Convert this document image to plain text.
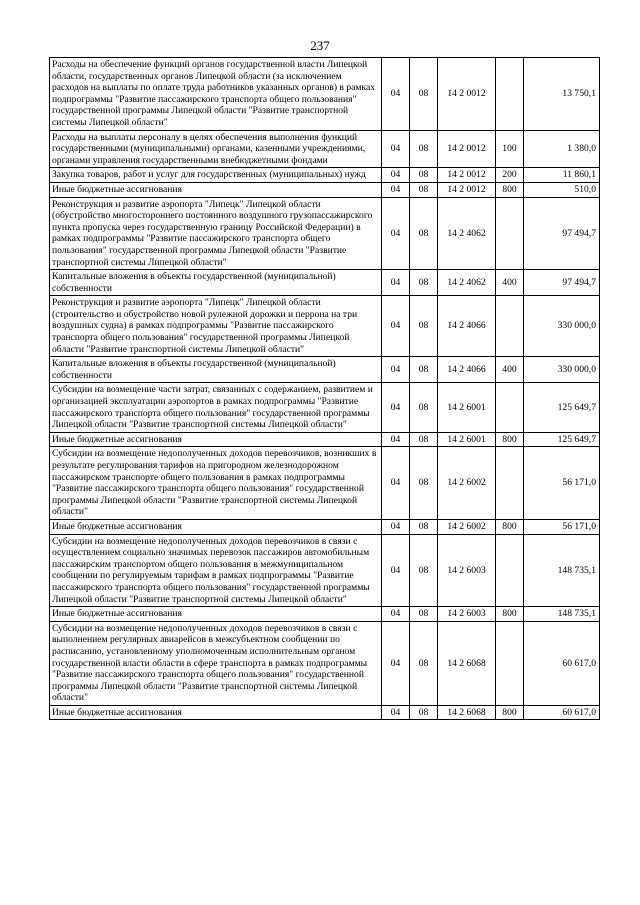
237
Расходы на обеспечение функций органов государственной власти Липецкой области, государственных органов Липецкой области (за исключением расходов на выплаты по оплате труда работников указанных органов) в рамках подпрограммы "Развитие пассажирского транспорта общего пользования" государственной программы Липецкой области "Развитие транспортной системы Липецкой области"	04	08	14 2 0012		13 750,1
Расходы на выплаты персоналу в целях обеспечения выполнения функций государственными (муниципальными) органами, казенными учреждениями, органами управления государственными внебюджетными фондами	04	08	14 2 0012	100	1 380,0
Закупка товаров, работ и услуг для государственных (муниципальных) нужд	04	08	14 2 0012	200	11 860,1
Иные бюджетные ассигнования	04	08	14 2 0012	800	510,0
Реконструкция и развитие аэропорта "Липецк" Липецкой области (обустройство многостороннего постоянного воздушного грузопассажирского пункта пропуска через государственную границу Российской Федерации) в рамках подпрограммы "Развитие пассажирского транспорта общего пользования" государственной программы Липецкой области "Развитие транспортной системы Липецкой области"	04	08	14 2 4062		97 494,7
Капитальные вложения в объекты государственной (муниципальной) собственности	04	08	14 2 4062	400	97 494,7
Реконструкция и развитие аэропорта "Липецк" Липецкой области (строительство и обустройство новой рулежной дорожки и перрона на три воздушных судна) в рамках подпрограммы "Развитие пассажирского транспорта общего пользования" государственной программы Липецкой области "Развитие транспортной системы Липецкой области"	04	08	14 2 4066		330 000,0
Капитальные вложения в объекты государственной (муниципальной) собственности	04	08	14 2 4066	400	330 000,0
Субсидии на возмещение части затрат, связанных с содержанием, развитием и организацией эксплуатации аэропортов в рамках подпрограммы "Развитие пассажирского транспорта общего пользования" государственной программы Липецкой области "Развитие транспортной системы Липецкой области"	04	08	14 2 6001		125 649,7
Иные бюджетные ассигнования	04	08	14 2 6001	800	125 649,7
Субсидии на возмещение недополученных доходов перевозчиков, возникших в результате регулирования тарифов на пригородном железнодорожном пассажирском транспорте общего пользования в рамках подпрограммы "Развитие пассажирского транспорта общего пользования" государственной программы Липецкой области "Развитие транспортной системы Липецкой области"	04	08	14 2 6002		56 171,0
Иные бюджетные ассигнования	04	08	14 2 6002	800	56 171,0
Субсидии на возмещение недополученных доходов перевозчиков в связи с осуществлением социально значимых перевозок пассажиров автомобильным пассажирским транспортом общего пользования в межмуниципальном сообщении по регулируемым тарифам в рамках подпрограммы "Развитие пассажирского транспорта общего пользования" государственной программы Липецкой области "Развитие транспортной системы Липецкой области"	04	08	14 2 6003		148 735,1
Иные бюджетные ассигнования	04	08	14 2 6003	800	148 735,1
Субсидии на возмещение недополученных доходов перевозчиков в связи с выполнением регулярных авиарейсов в межсубъектном сообщении по расписанию, установленному уполномоченным исполнительным органом государственной власти области в сфере транспорта в рамках подпрограммы "Развитие пассажирского транспорта общего пользования" государственной программы Липецкой области "Развитие транспортной системы Липецкой области"	04	08	14 2 6068		60 617,0
Иные бюджетные ассигнования	04	08	14 2 6068	800	60 617,0
